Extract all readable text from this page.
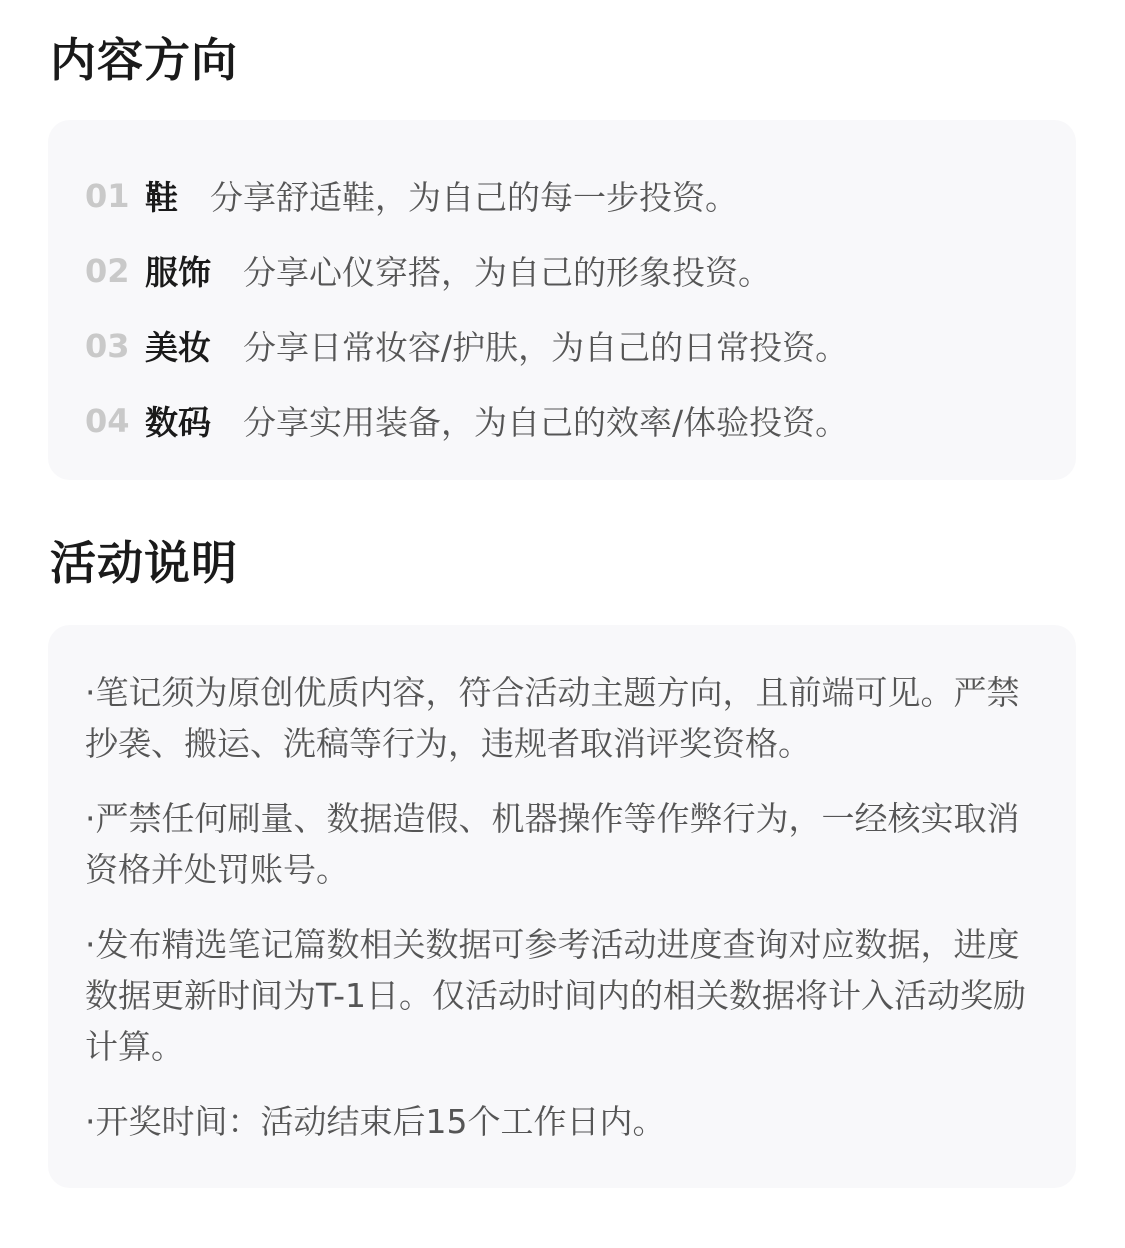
内容方向
01 鞋 分享舒适鞋，为自己的每一步投资。
02 服饰 分享心仪穿搭，为自己的形象投资。
03 美妆 分享日常妆容/护肤，为自己的日常投资。
04 数码 分享实用装备，为自己的效率/体验投资。
活动说明

·笔记须为原创优质内容，符合活动主题方向，且前端可见。严禁抄袭、搬运、洗稿等行为，违规者取消评奖资格。

·严禁任何刷量、数据造假、机器操作等作弊行为，一经核实取消资格并处罚账号。

·发布精选笔记篇数相关数据可参考活动进度查询对应数据，进度数据更新时间为T-1日。仅活动时间内的相关数据将计入活动奖励计算。

·开奖时间：活动结束后15个工作日内。
